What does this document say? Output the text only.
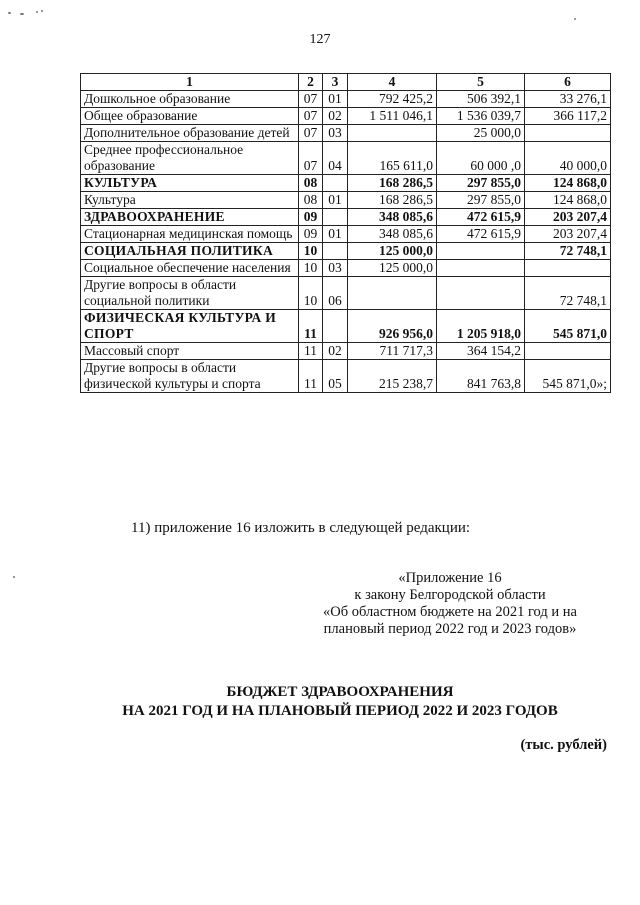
127
1	2	3	4	5	6
Дошкольное образование	07	01	792 425,2	506 392,1	33 276,1
Общее образование	07	02	1 511 046,1	1 536 039,7	366 117,2
Дополнительное образование детей	07	03		25 000,0	
Среднее профессиональное образование	07	04	165 611,0	60 000 ,0	40 000,0
КУЛЬТУРА	08		168 286,5	297 855,0	124 868,0
Культура	08	01	168 286,5	297 855,0	124 868,0
ЗДРАВООХРАНЕНИЕ	09		348 085,6	472 615,9	203 207,4
Стационарная медицинская помощь	09	01	348 085,6	472 615,9	203 207,4
СОЦИАЛЬНАЯ ПОЛИТИКА	10		125 000,0		72 748,1
Социальное обеспечение населения	10	03	125 000,0		
Другие вопросы в области социальной политики	10	06			72 748,1
ФИЗИЧЕСКАЯ КУЛЬТУРА И СПОРТ	11		926 956,0	1 205 918,0	545 871,0
Массовый спорт	11	02	711 717,3	364 154,2	
Другие вопросы в области физической культуры и спорта	11	05	215 238,7	841 763,8	545 871,0»;
11) приложение 16 изложить в следующей редакции:
«Приложение 16
к закону Белгородской области
«Об областном бюджете на 2021 год и на
плановый период 2022 год и 2023 годов»
БЮДЖЕТ ЗДРАВООХРАНЕНИЯ
НА 2021 ГОД И НА ПЛАНОВЫЙ ПЕРИОД 2022 И 2023 ГОДОВ
(тыс. рублей)
